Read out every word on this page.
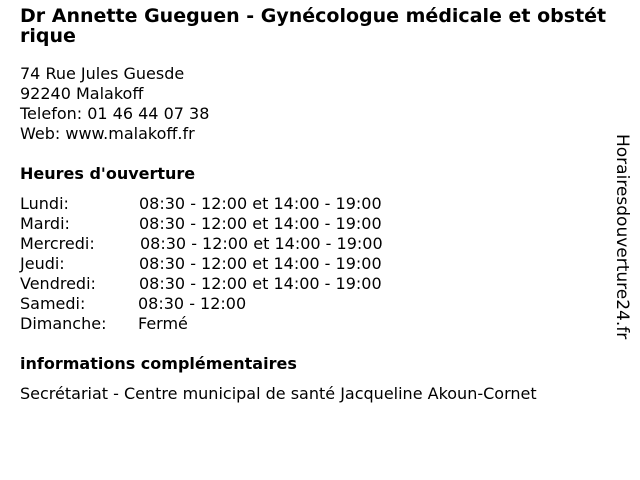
Dr Annette Gueguen - Gynécologue médicale et obstétrique
74 Rue Jules Guesde
92240 Malakoff
Telefon: 01 46 44 07 38
Web: www.malakoff.fr
Heures d'ouverture
Lundi:	08:30 - 12:00 et 14:00 - 19:00
Mardi:	08:30 - 12:00 et 14:00 - 19:00
Mercredi:	08:30 - 12:00 et 14:00 - 19:00
Jeudi:	08:30 - 12:00 et 14:00 - 19:00
Vendredi:	08:30 - 12:00 et 14:00 - 19:00
Samedi:	08:30 - 12:00
Dimanche: Fermé
informations complémentaires
Secrétariat - Centre municipal de santé Jacqueline Akoun-Cornet
Horairesdouverture24.fr
